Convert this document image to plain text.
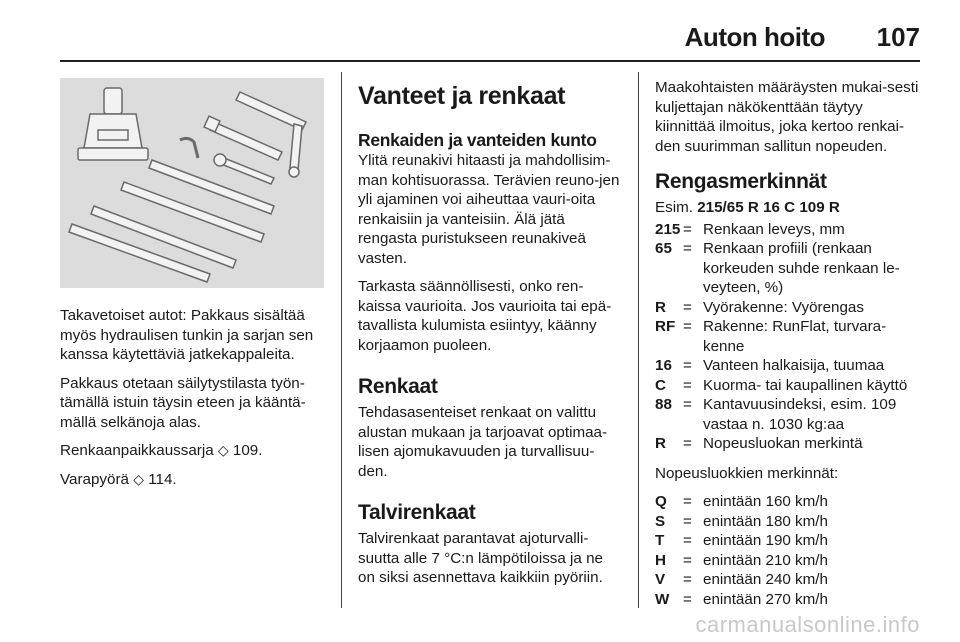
Auton hoito 107

Takavetoiset autot: Pakkaus sisältää myös hydraulisen tunkin ja sarjan sen kanssa käytettäviä jatkekappaleita.

Pakkaus otetaan säilytystilasta työn-tämällä istuin täysin eteen ja kääntä-mällä selkänoja alas.

Renkaanpaikkaussarja ◇ 109.

Varapyörä ◇ 114.

Vanteet ja renkaat
Renkaiden ja vanteiden kunto

Ylitä reunakivi hitaasti ja mahdollisim-man kohtisuorassa. Terävien reuno-jen yli ajaminen voi aiheuttaa vauri-oita renkaisiin ja vanteisiin. Älä jätä rengasta puristukseen reunakiveä vasten.

Tarkasta säännöllisesti, onko ren-kaissa vaurioita. Jos vaurioita tai epä-tavallista kulumista esiintyy, käänny korjaamon puoleen.

Renkaat

Tehdasasenteiset renkaat on valittu alustan mukaan ja tarjoavat optimaa-lisen ajomukavuuden ja turvallisuu-den.

Talvirenkaat

Talvirenkaat parantavat ajoturvalli-suutta alle 7 °C:n lämpötiloissa ja ne on siksi asennettava kaikkiin pyöriin.

Maakohtaisten määräysten mukai-sesti kuljettajan näkökenttään täytyy kiinnittää ilmoitus, joka kertoo renkai-den suurimman sallitun nopeuden.

Rengasmerkinnät

Esim. 215/65 R 16 C 109 R

215 = Renkaan leveys, mm
65 = Renkaan profiili (renkaan korkeuden suhde renkaan le-veyteen, %)
R	= Vyörakenne: Vyörengas
RF = Rakenne: RunFlat, turvara-kenne
16 = Vanteen halkaisija, tuumaa
C	= Kuorma- tai kaupallinen käyttö
88 = Kantavuusindeksi, esim. 109 vastaa n. 1030 kg:aa
R	= Nopeusluokan merkintä

Nopeusluokkien merkinnät:

Q	= enintään 160 km/h
S	= enintään 180 km/h
T	= enintään 190 km/h
H	= enintään 210 km/h
V	= enintään 240 km/h
W = enintään 270 km/h
carmanualsonline.info
